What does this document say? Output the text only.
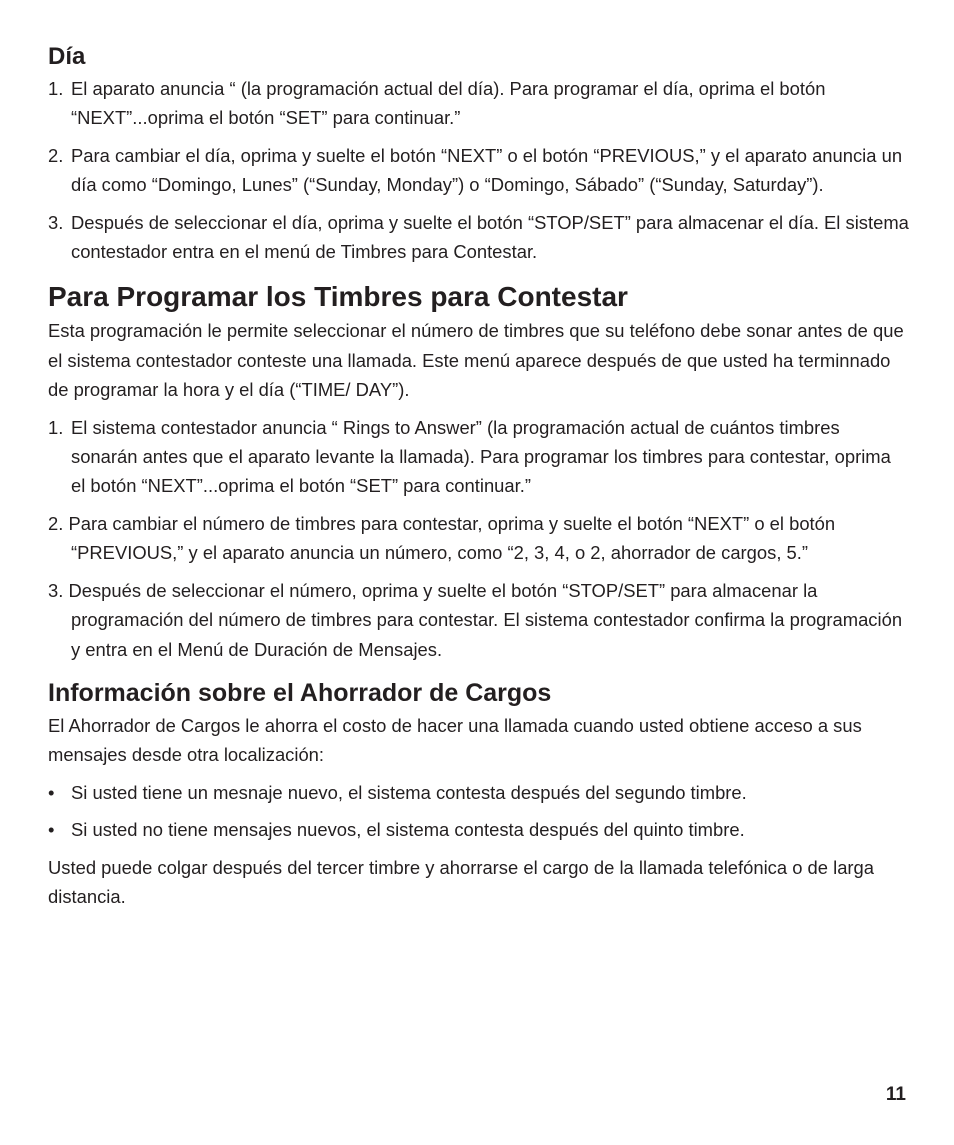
Día
1. El aparato anuncia “ (la programación actual del día). Para programar el día, oprima el botón “NEXT”...oprima el botón “SET” para continuar.”
2. Para cambiar el día, oprima y suelte el botón “NEXT” o el botón “PREVIOUS,” y el aparato anuncia un día como “Domingo, Lunes” (“Sunday, Monday”) o “Domingo, Sábado” (“Sunday, Saturday”).
3. Después de seleccionar el día, oprima y suelte el botón “STOP/SET” para almacenar el día. El sistema contestador entra en el menú de Timbres para Contestar.
Para Programar los Timbres para Contestar

Esta programación le permite seleccionar el número de timbres que su teléfono debe sonar antes de que el sistema contestador conteste una llamada. Este menú aparece después de que usted ha terminnado de programar la hora y el día (“TIME/ DAY”).

1. El sistema contestador anuncia “ Rings to Answer” (la programación actual de cuántos timbres sonarán antes que el aparato levante la llamada). Para programar los timbres para contestar, oprima el botón “NEXT”...oprima el botón “SET” para continuar.”
2. Para cambiar el número de timbres para contestar, oprima y suelte el botón “NEXT” o el botón “PREVIOUS,” y el aparato anuncia un número, como “2, 3, 4, o 2, ahorrador de cargos, 5.”
3. Después de seleccionar el número, oprima y suelte el botón “STOP/SET” para almacenar la programación del número de timbres para contestar. El sistema contestador confirma la programación y entra en el Menú de Duración de Mensajes.
Información sobre el Ahorrador de Cargos

El Ahorrador de Cargos le ahorra el costo de hacer una llamada cuando usted obtiene acceso a sus mensajes desde otra localización:

• Si usted tiene un mesnaje nuevo, el sistema contesta después del segundo timbre.
• Si usted no tiene mensajes nuevos, el sistema contesta después del quinto timbre.

Usted puede colgar después del tercer timbre y ahorrarse el cargo de la llamada telefónica o de larga distancia.

11
